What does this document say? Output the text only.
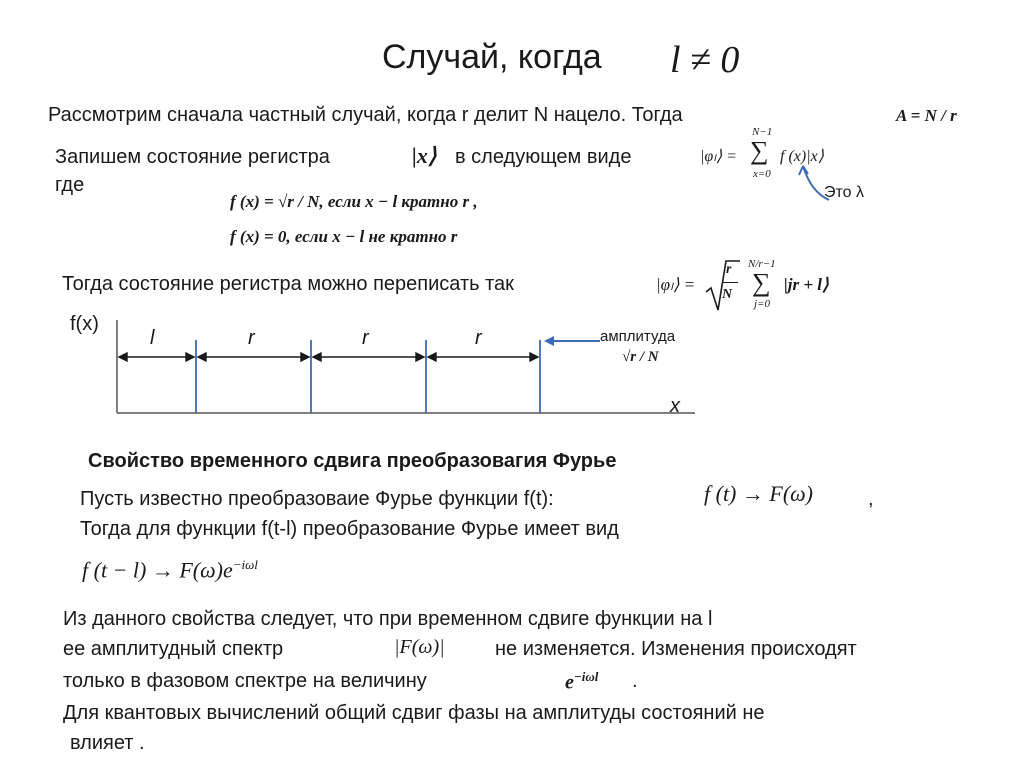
Случай, когда l ≠ 0
Рассмотрим сначала частный случай, когда r делит N нацело. Тогда	A = N / r
Запишем состояние регистра	|x⟩ в следующем виде
где
|φₗ⟩ =
N−1
∑
x=0
f (x)|x⟩
Это λ
f (x) = √r / N, если x − l кратно r ,
f (x) = 0, если x − l не кратно r
Тогда состояние регистра можно переписать так	|φₗ⟩ =
r
N
N/r−1
∑
j=0
|jr + l⟩
f(x)
x
амплитуда
√r / N
l	r	r	r
Свойство временного сдвига преобразовагия Фурье
Пусть известно преобразоваие Фурье функции f(t):	f (t) → F(ω)	,
Тогда для функции f(t-l) преобразование Фурье имеет вид
f $(t - l) \to F(\omega)e^{-i\omega l}$
Из данного свойства следует, что при временном сдвиге функции на l
ее амплитудный спектр	|F(ω)|	не изменяется. Изменения происходят
только в фазовом спектре на величину	$e^{-i\omega l}$ .
Для квантовых вычислений общий сдвиг фазы на амплитуды состояний не
влияет .
